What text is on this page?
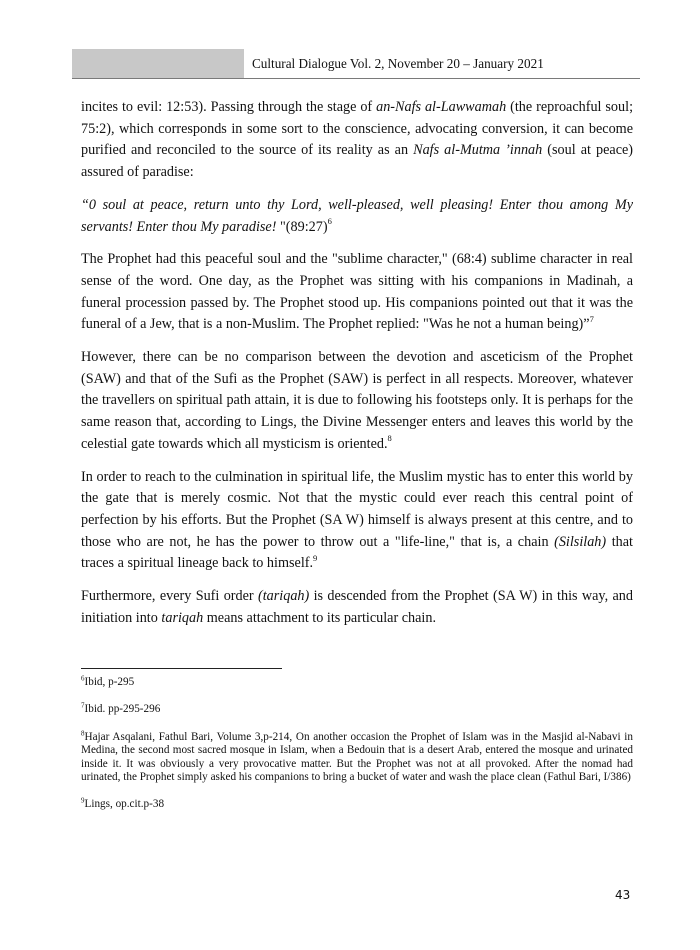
Cultural Dialogue Vol. 2, November 20 – January 2021

incites to evil: 12:53). Passing through the stage of an-Nafs al-Lawwamah (the reproachful soul; 75:2), which corresponds in some sort to the conscience, advocating conversion, it can become purified and reconciled to the source of its reality as an Nafs al-Mutma ’innah (soul at peace) assured of paradise:

“0 soul at peace, return unto thy Lord, well-pleased, well pleasing! Enter thou among My servants! Enter thou My paradise! "(89:27)$^6$

The Prophet had this peaceful soul and the "sublime character," (68:4) sublime character in real sense of the word. One day, as the Prophet was sitting with his companions in Madinah, a funeral procession passed by. The Prophet stood up. His companions pointed out that it was the funeral of a Jew, that is a non-Muslim. The Prophet replied: "Was he not a human being)”$^7$

However, there can be no comparison between the devotion and asceticism of the Prophet (SAW) and that of the Sufi as the Prophet (SAW) is perfect in all respects. Moreover, whatever the travellers on spiritual path attain, it is due to following his footsteps only. It is perhaps for the same reason that, according to Lings, the Divine Messenger enters and leaves this world by the celestial gate towards which all mysticism is oriented.$^8$

In order to reach to the culmination in spiritual life, the Muslim mystic has to enter this world by the gate that is merely cosmic. Not that the mystic could ever reach this central point of perfection by his efforts. But the Prophet (SA W) himself is always present at this centre, and to those who are not, he has the power to throw out a "life-line," that is, a chain (Silsilah) that traces a spiritual lineage back to himself.$^9$

Furthermore, every Sufi order (tariqah) is descended from the Prophet (SA W) in this way, and initiation into tariqah means attachment to its particular chain.

$^6$Ibid, p-295

$^7$Ibid. pp-295-296

$^8$Hajar Asqalani, Fathul Bari, Volume 3,p-214, On another occasion the Prophet of Islam was in the Masjid al-Nabavi in Medina, the second most sacred mosque in Islam, when a Bedouin that is a desert Arab, entered the mosque and urinated inside it. It was obviously a very provocative matter. But the Prophet was not at all provoked. After the nomad had urinated, the Prophet simply asked his companions to bring a bucket of water and wash the place clean (Fathul Bari, I/386)

$^9$Lings, op.cit.p-38

43
